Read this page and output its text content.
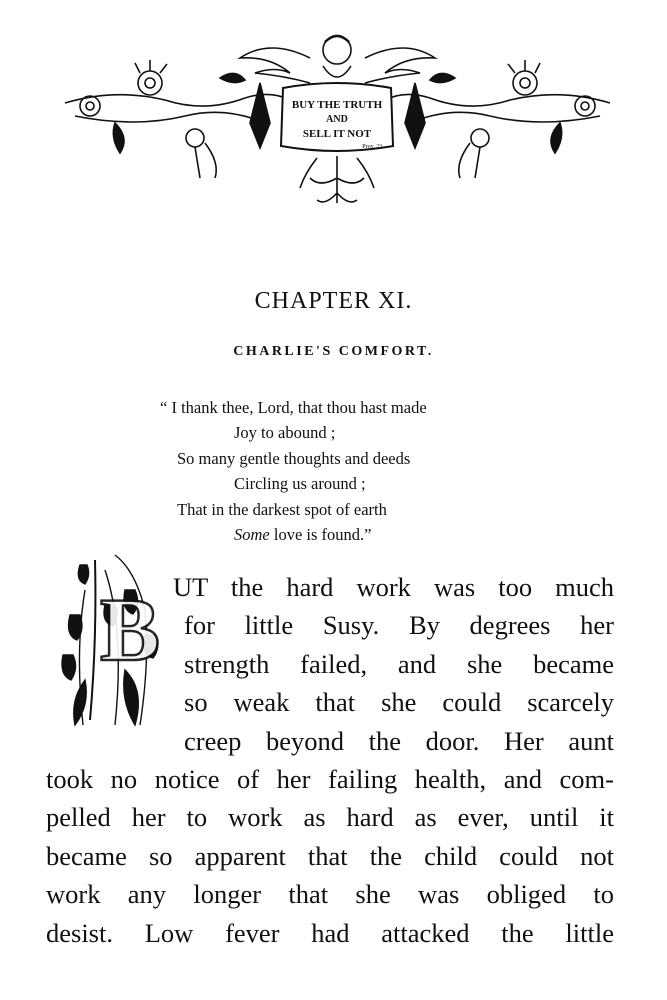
BUY THE TRUTH
AND
SELL IT NOT
Prov. 23.
CHAPTER XI.
CHARLIE'S COMFORT.
“ I thank thee, Lord, that thou hast made
Joy to abound ;
So many gentle thoughts and deeds
Circling us around ;
That in the darkest spot of earth
Some love is found.”
B UT the hard work was too much
for little Susy. By degrees her
strength failed, and she became
so weak that she could scarcely
creep beyond the door. Her aunt
took no notice of her failing health, and com-
pelled her to work as hard as ever, until it
became so apparent that the child could not
work any longer that she was obliged to
desist. Low fever had attacked the little
